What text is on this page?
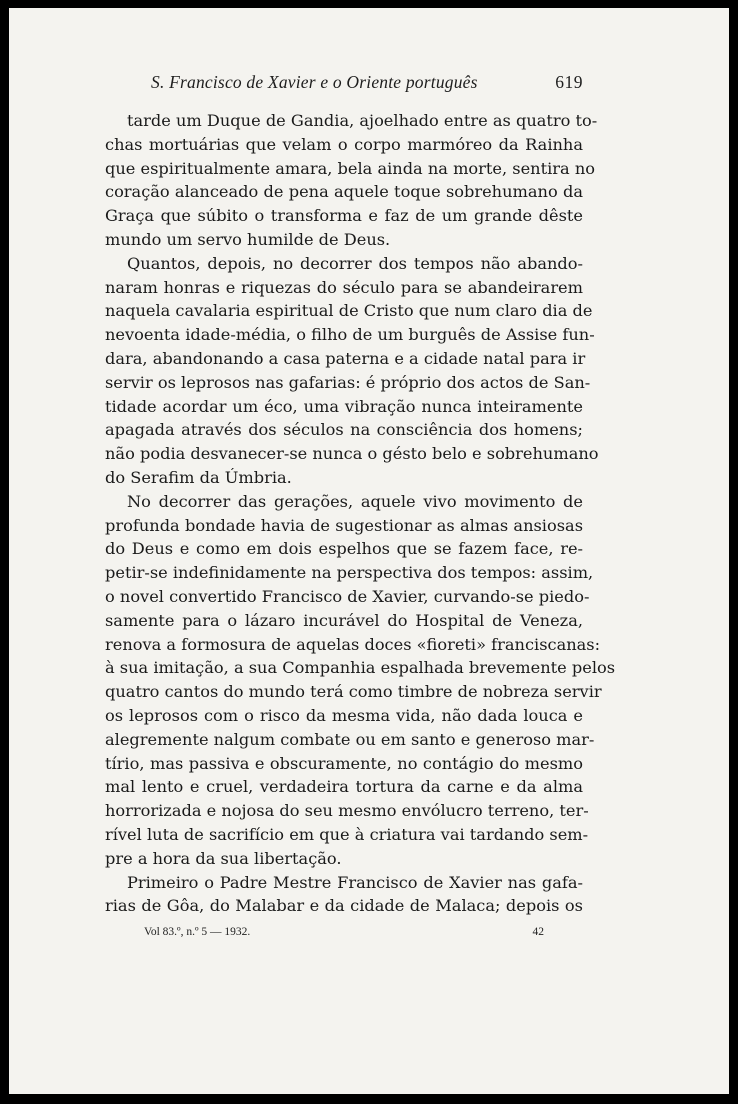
S. Francisco de Xavier e o Oriente português	619
tarde um Duque de Gandia, ajoelhado entre as quatro to-
chas mortuárias que velam o corpo marmóreo da Rainha
que espiritualmente amara, bela ainda na morte, sentira no
coração alanceado de pena aquele toque sobrehumano da
Graça que súbito o transforma e faz de um grande dêste
mundo um servo humilde de Deus.
Quantos, depois, no decorrer dos tempos não abando-
naram honras e riquezas do século para se abandeirarem
naquela cavalaria espiritual de Cristo que num claro dia de
nevoenta idade-média, o filho de um burguês de Assise fun-
dara, abandonando a casa paterna e a cidade natal para ir
servir os leprosos nas gafarias: é próprio dos actos de San-
tidade acordar um éco, uma vibração nunca inteiramente
apagada através dos séculos na consciência dos homens;
não podia desvanecer-se nunca o gésto belo e sobrehumano
do Serafim da Úmbria.
No decorrer das gerações, aquele vivo movimento de
profunda bondade havia de sugestionar as almas ansiosas
do Deus e como em dois espelhos que se fazem face, re-
petir-se indefinidamente na perspectiva dos tempos: assim,
o novel convertido Francisco de Xavier, curvando-se piedo-
samente para o lázaro incurável do Hospital de Veneza,
renova a formosura de aquelas doces «fioreti» franciscanas:
à sua imitação, a sua Companhia espalhada brevemente pelos
quatro cantos do mundo terá como timbre de nobreza servir
os leprosos com o risco da mesma vida, não dada louca e
alegremente nalgum combate ou em santo e generoso mar-
tírio, mas passiva e obscuramente, no contágio do mesmo
mal lento e cruel, verdadeira tortura da carne e da alma
horrorizada e nojosa do seu mesmo envólucro terreno, ter-
rível luta de sacrifício em que à criatura vai tardando sem-
pre a hora da sua libertação.
Primeiro o Padre Mestre Francisco de Xavier nas gafa-
rias de Gôa, do Malabar e da cidade de Malaca; depois os
Vol 83.º, n.º 5 — 1932.	42
